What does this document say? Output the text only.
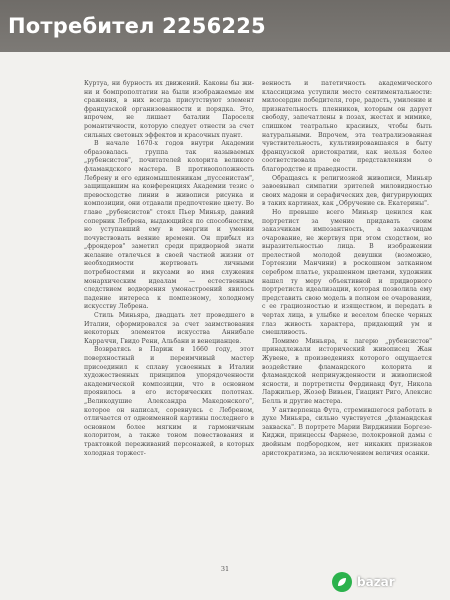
Потребител 2256225

Куртуа, ни бурность их движений. Каковы бы жи-ни и бомпрополтатии на были изображаемые им сражения, в них всегда присутствуют элемент французской организованности и порядка. Это, впрочем, не лишает баталии Пароселя романтичности, которую следует отнести за счет сильных световых эффектов и красочных пуант.

В начале 1670-х годов внутри Академии образовалась группа так называемых „рубенсистов", почитателей колорита великого фламандского мастера. В противоположность Лебрену и его единомышленникам „пуссенистам", защищавшим на конференциях Академии тезис о превосходстве линии в живописи рисунка и композиции, они отдавали предпочтение цвету. Во главе „рубенсистов" стоял Пьер Миньяр, давний соперник Лебрена, выдающийся по способностям, но уступавший ему в энергии и умении почувствовать веяние времени. Он прибыл из „фрондеров" заметил среди придворной знати желание отвлечься в своей частной жизни от необходимости жертвовать личными потребностями и вкусами во имя служения монархическим идеалам — естественным следствием водворения умонастроений явилось падение интереса к помпезному, холодному искусству Лебрена.

Стиль Миньяра, двадцать лет проведшего в Италии, сформировался за счет заимствования некоторых элементов искусства Аннибале Карраччи, Гвидо Рени, Альбани и венецианцев.

Возвратясь в Париж в 1660 году, этот поверхностный и переимчивый мастер присоединил к сплаву усвоенных в Италии художественных принципов упорядоченности академической композиции, что в основном проявилось в его исторических полотнах. „Великодушие Александра Македонского", которое он написал, соревнуясь с Лебреном, отличается от одноименной картины последнего в основном более мягким и гармоничным колоритом, а также тоном повествования и трактовкой переживаний персонажей, в которых холодная торжест-

венность и патетичность академического классицизма уступили место сентиментальности: милосердие победителя, горе, радость, умиление и признательность пленников, которым он дарует свободу, запечатлены в позах, жестах и мимике, слишком театрально красивых, чтобы быть натуральными. Впрочем, эта театрализованная чувствительность, культивировавшаяся в быту французской аристократии, как нельзя более соответствовала ее представлениям о благородстве и праведности.

Обращаясь к религиозной живописи, Миньяр завоевывал симпатии зрителей миловидностью своих мадонн и серафических дев, фигурирующих в таких картинах, как „Обручение св. Екатерины".

Но превыше всего Миньяр ценился как портретист за умение придавать своим заказчикам импозантность, а заказчицам очарование, не жертвуя при этом сходством, но выразительностью лица. В изображении прелестной молодой девушки (возможно, Гортензии Манчини) в роскошном затканном серебром платье, украшенном цветами, художник нашел ту меру объективной и придворного портретиста идеализации, которая позволила ему представить свою модель в полном ее очаровании, с ее грациозностью и изяществом, и передать в чертах лица, в улыбке и веселом блеске черных глаз живость характера, придающий ум и смешливость.

Помимо Миньяра, к лагерю „рубенсистов" принадлежали исторический живописец Жан Жувене, в произведениях которого ощущается воздействие фламандского колорита и фламандской непринужденности и живописной ясности, и портретисты Фердинанд Фут, Никола Ларжильер, Жозеф Вивьен, Гиацинт Риго, Алексис Белль и другие мастера.

У антверпенца Фута, стремившегося работать в духе Миньяра, сильно чувствуется „фламандская закваска". В портрете Марии Вирджинии Боргезе-Киджи, принцессы Фарнезе, полокровной дамы с двойным подбородком, нет никаких признаков аристократизма, за исключением величия осанки.

31
bazar
